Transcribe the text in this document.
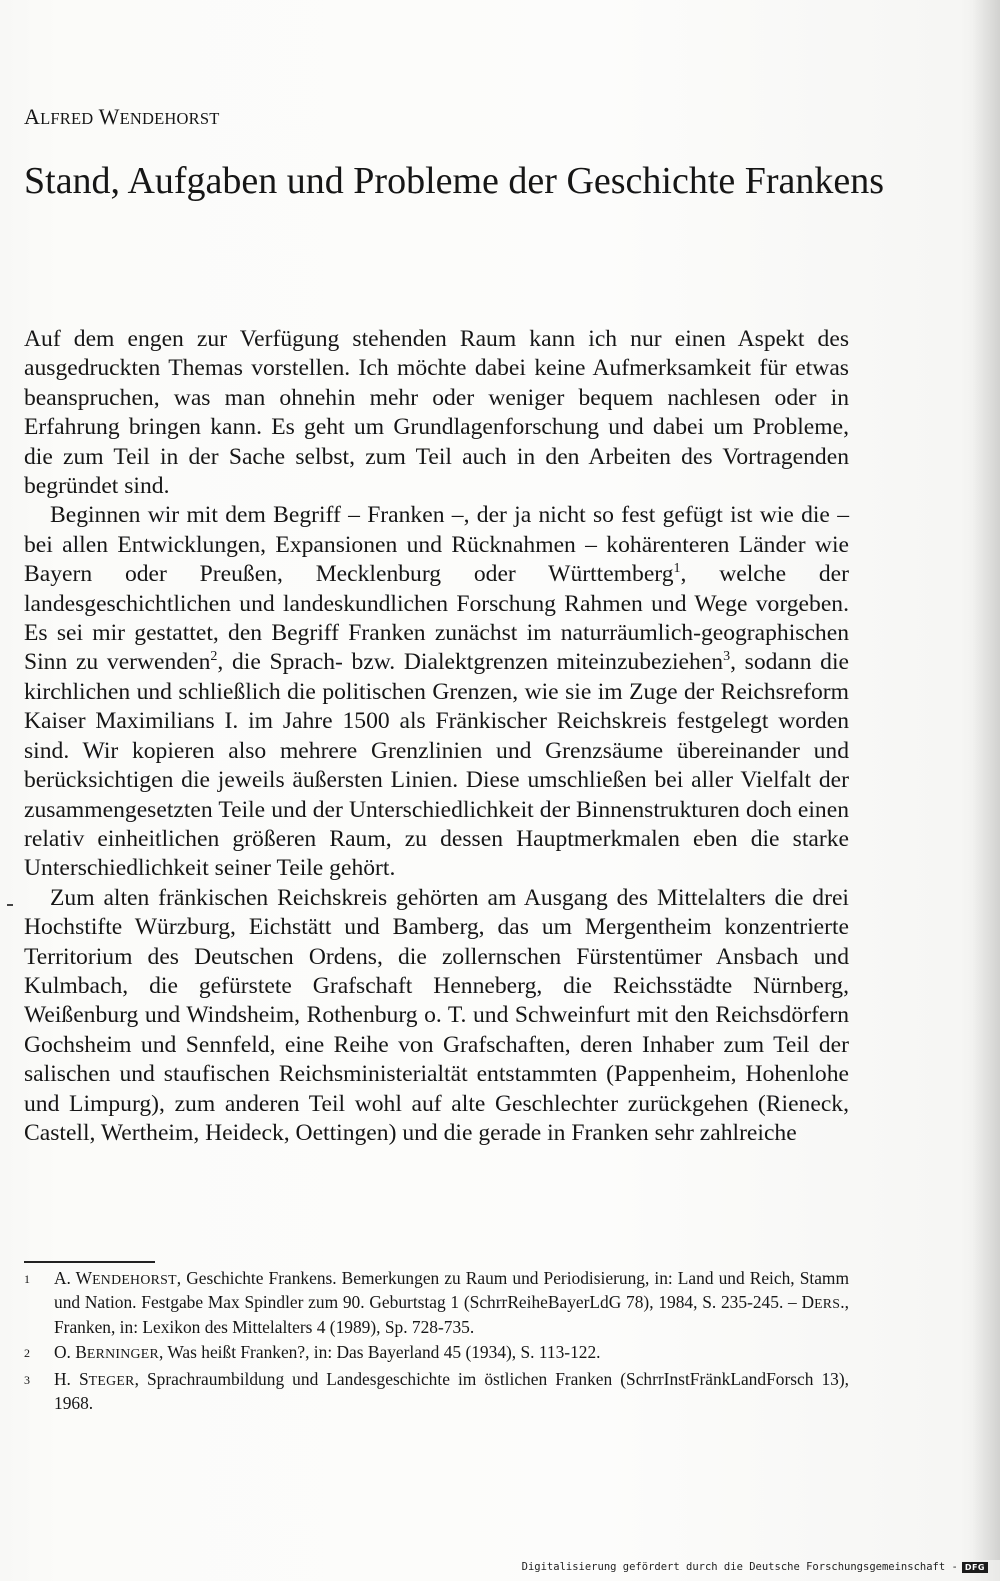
ALFRED WENDEHORST
Stand, Aufgaben und Probleme der Geschichte Frankens

Auf dem engen zur Verfügung stehenden Raum kann ich nur einen Aspekt des ausgedruckten Themas vorstellen. Ich möchte dabei keine Aufmerksamkeit für etwas beanspruchen, was man ohnehin mehr oder weniger bequem nachlesen oder in Erfahrung bringen kann. Es geht um Grundlagenforschung und dabei um Probleme, die zum Teil in der Sache selbst, zum Teil auch in den Arbeiten des Vortragenden begründet sind.

Beginnen wir mit dem Begriff – Franken –, der ja nicht so fest gefügt ist wie die – bei allen Entwicklungen, Expansionen und Rücknahmen – kohärenteren Länder wie Bayern oder Preußen, Mecklenburg oder Württemberg$^1$, welche der landesgeschichtlichen und landeskundlichen Forschung Rahmen und Wege vorgeben. Es sei mir gestattet, den Begriff Franken zunächst im naturräumlich-geographischen Sinn zu verwenden$^2$, die Sprach- bzw. Dialektgrenzen miteinzubeziehen$^3$, sodann die kirchlichen und schließlich die politischen Grenzen, wie sie im Zuge der Reichsreform Kaiser Maximilians I. im Jahre 1500 als Fränkischer Reichskreis festgelegt worden sind. Wir kopieren also mehrere Grenzlinien und Grenzsäume übereinander und berücksichtigen die jeweils äußersten Linien. Diese umschließen bei aller Vielfalt der zusammengesetzten Teile und der Unterschiedlichkeit der Binnenstrukturen doch einen relativ einheitlichen größeren Raum, zu dessen Hauptmerkmalen eben die starke Unterschiedlichkeit seiner Teile gehört.

Zum alten fränkischen Reichskreis gehörten am Ausgang des Mittelalters die drei Hochstifte Würzburg, Eichstätt und Bamberg, das um Mergentheim konzentrierte Territorium des Deutschen Ordens, die zollernschen Fürstentümer Ansbach und Kulmbach, die gefürstete Grafschaft Henneberg, die Reichsstädte Nürnberg, Weißenburg und Windsheim, Rothenburg o. T. und Schweinfurt mit den Reichsdörfern Gochsheim und Sennfeld, eine Reihe von Grafschaften, deren Inhaber zum Teil der salischen und staufischen Reichsministerialtät entstammten (Pappenheim, Hohenlohe und Limpurg), zum anderen Teil wohl auf alte Geschlechter zurückgehen (Rieneck, Castell, Wertheim, Heideck, Oettingen) und die gerade in Franken sehr zahlreiche

1	A. WENDEHORST, Geschichte Frankens. Bemerkungen zu Raum und Periodisierung, in: Land und Reich, Stamm und Nation. Festgabe Max Spindler zum 90. Geburtstag 1 (SchrrReiheBayerLdG 78), 1984, S. 235-245. – DERS., Franken, in: Lexikon des Mittelalters 4 (1989), Sp. 728-735.
2	O. BERNINGER, Was heißt Franken?, in: Das Bayerland 45 (1934), S. 113-122.
3	H. STEGER, Sprachraumbildung und Landesgeschichte im östlichen Franken (SchrrInstFränkLandForsch 13), 1968.
Digitalisierung gefördert durch die Deutsche Forschungsgemeinschaft - DFG
